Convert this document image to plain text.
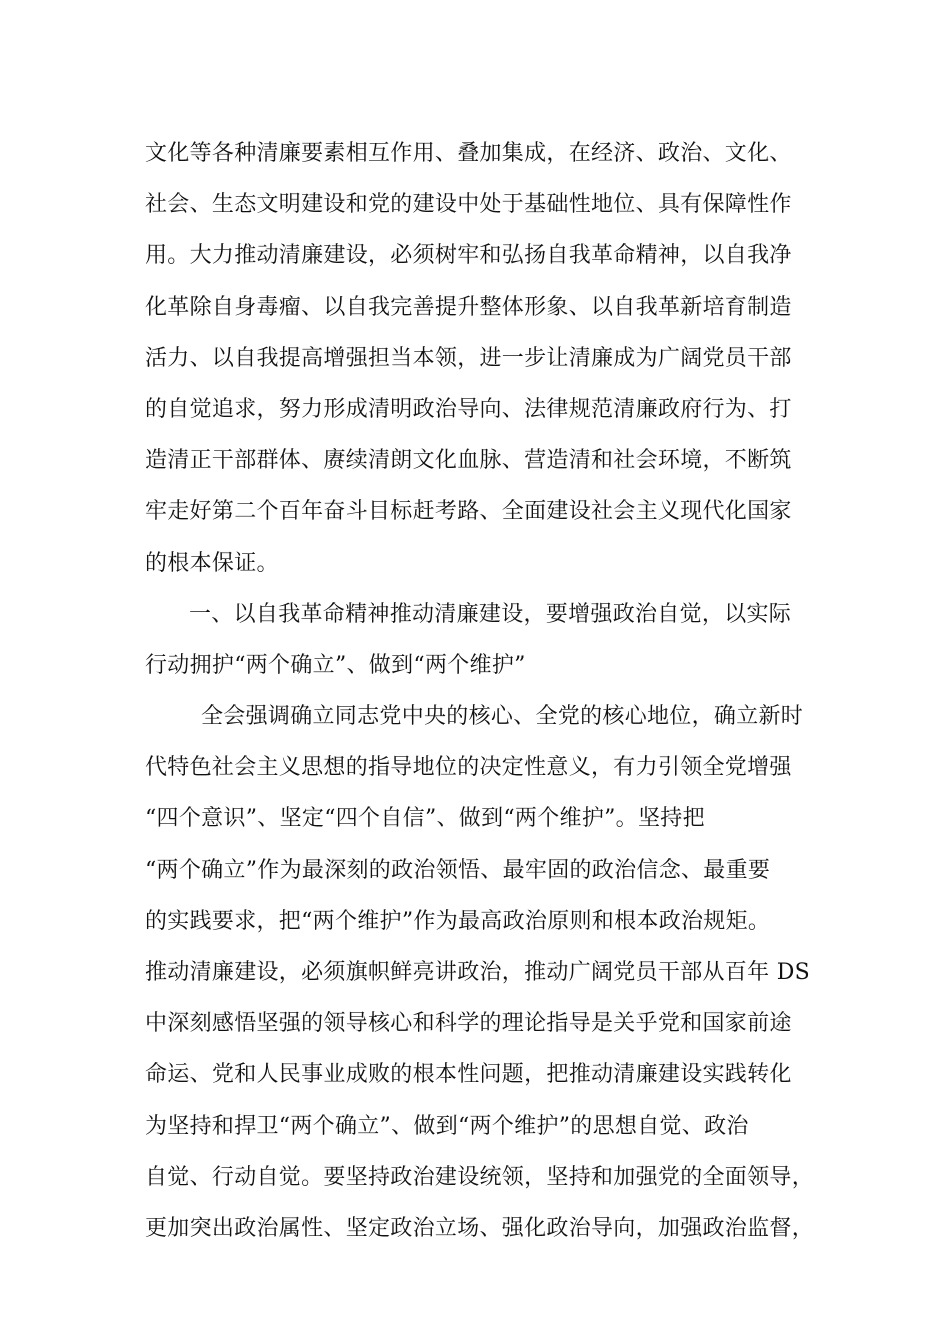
文化等各种清廉要素相互作用、叠加集成，在经济、政治、文化、
社会、生态文明建设和党的建设中处于基础性地位、具有保障性作
用。大力推动清廉建设，必须树牢和弘扬自我革命精神，以自我净
化革除自身毒瘤、以自我完善提升整体形象、以自我革新培育制造
活力、以自我提高增强担当本领，进一步让清廉成为广阔党员干部
的自觉追求，努力形成清明政治导向、法律规范清廉政府行为、打
造清正干部群体、赓续清朗文化血脉、营造清和社会环境，不断筑
牢走好第二个百年奋斗目标赶考路、全面建设社会主义现代化国家
的根本保证。
一、以自我革命精神推动清廉建设，要增强政治自觉，以实际
行动拥护“两个确立”、做到“两个维护”
全会强调确立同志党中央的核心、全党的核心地位，确立新时
代特色社会主义思想的指导地位的决定性意义，有力引领全党增强
“四个意识”、坚定“四个自信”、做到“两个维护”。坚持把
“两个确立”作为最深刻的政治领悟、最牢固的政治信念、最重要
的实践要求，把“两个维护”作为最高政治原则和根本政治规矩。
推动清廉建设，必须旗帜鲜亮讲政治，推动广阔党员干部从百年 DS
中深刻感悟坚强的领导核心和科学的理论指导是关乎党和国家前途
命运、党和人民事业成败的根本性问题，把推动清廉建设实践转化
为坚持和捍卫“两个确立”、做到“两个维护”的思想自觉、政治
自觉、行动自觉。要坚持政治建设统领，坚持和加强党的全面领导，
更加突出政治属性、坚定政治立场、强化政治导向，加强政治监督，
